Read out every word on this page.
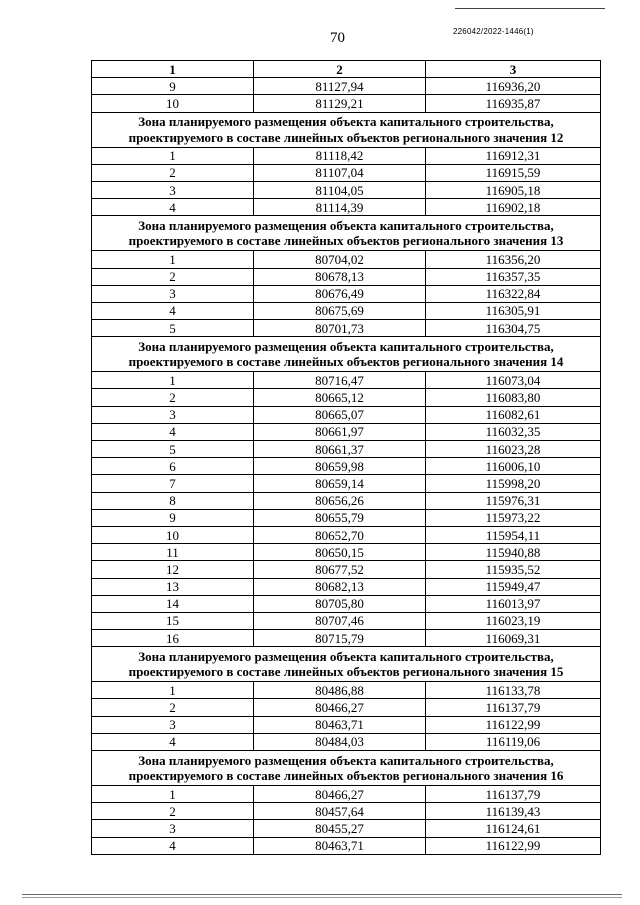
70	226042/2022-1446(1)
1	2	3
9	81127,94	116936,20
10	81129,21	116935,87
Зона планируемого размещения объекта капитального строительства,
проектируемого в составе линейных объектов регионального значения 12		
1	81118,42	116912,31
2	81107,04	116915,59
3	81104,05	116905,18
4	81114,39	116902,18
Зона планируемого размещения объекта капитального строительства,
проектируемого в составе линейных объектов регионального значения 13		
1	80704,02	116356,20
2	80678,13	116357,35
3	80676,49	116322,84
4	80675,69	116305,91
5	80701,73	116304,75
Зона планируемого размещения объекта капитального строительства,
проектируемого в составе линейных объектов регионального значения 14		
1	80716,47	116073,04
2	80665,12	116083,80
3	80665,07	116082,61
4	80661,97	116032,35
5	80661,37	116023,28
6	80659,98	116006,10
7	80659,14	115998,20
8	80656,26	115976,31
9	80655,79	115973,22
10	80652,70	115954,11
11	80650,15	115940,88
12	80677,52	115935,52
13	80682,13	115949,47
14	80705,80	116013,97
15	80707,46	116023,19
16	80715,79	116069,31
Зона планируемого размещения объекта капитального строительства,
проектируемого в составе линейных объектов регионального значения 15		
1	80486,88	116133,78
2	80466,27	116137,79
3	80463,71	116122,99
4	80484,03	116119,06
Зона планируемого размещения объекта капитального строительства,
проектируемого в составе линейных объектов регионального значения 16		
1	80466,27	116137,79
2	80457,64	116139,43
3	80455,27	116124,61
4	80463,71	116122,99
